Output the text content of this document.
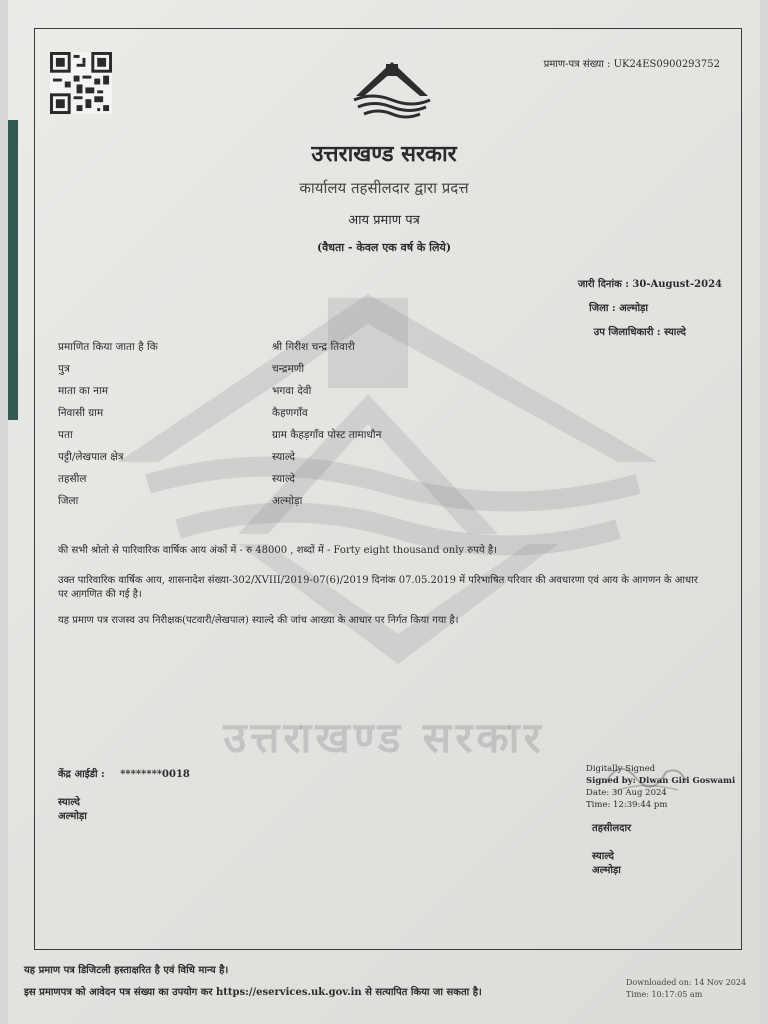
प्रमाण-पत्र संख्या : UK24ES0900293752
उत्तराखण्ड सरकार
कार्यालय तहसीलदार द्वारा प्रदत्त
आय प्रमाण पत्र
(वैधता - केवल एक वर्ष के लिये)
जारी दिनांक : 30-August-2024
जिला : अल्मोड़ा
उप जिलाधिकारी : स्याल्दे
प्रमाणित किया जाता है कि	श्री गिरीश चन्द्र तिवारी
पुत्र	चन्द्रमणी
माता का नाम	भगवा देवी
निवासी ग्राम	कैहणगाँव
पता	ग्राम कैहड़गाँव पोस्ट तामाधौन
पट्टी/लेखपाल क्षेत्र	स्याल्दे
तहसील	स्याल्दे
जिला	अल्मोड़ा
की सभी श्रोतो से पारिवारिक वार्षिक आय अंकों में - रु 48000 , शब्दों में - Forty eight thousand only रुपये है।
उक्त पारिवारिक वार्षिक आय, शासनादेश संख्या-302/XVIII/2019-07(6)/2019 दिनांक 07.05.2019 में परिभाषित परिवार की अवधारणा एवं आय के आगणन के आधार पर आगणित की गई है।
यह प्रमाण पत्र राजस्व उप निरीक्षक(पटवारी/लेखपाल) स्याल्दे की जांच आख्या के आधार पर निर्गत किया गया है।
उत्तराखण्ड सरकार
केंद्र आईडी : ********0018
स्याल्दे
अल्मोड़ा
Digitally Signed
Signed by: Diwan Giri Goswami
Date: 30 Aug 2024
Time: 12:39:44 pm
तहसीलदार
स्याल्दे
अल्मोड़ा
यह प्रमाण पत्र डिजिटली हस्ताक्षरित है एवं विधि मान्य है।
इस प्रमाणपत्र को आवेदन पत्र संख्या का उपयोग कर https://eservices.uk.gov.in से सत्यापित किया जा सकता है।
Downloaded on: 14 Nov 2024
Time: 10:17:05 am
